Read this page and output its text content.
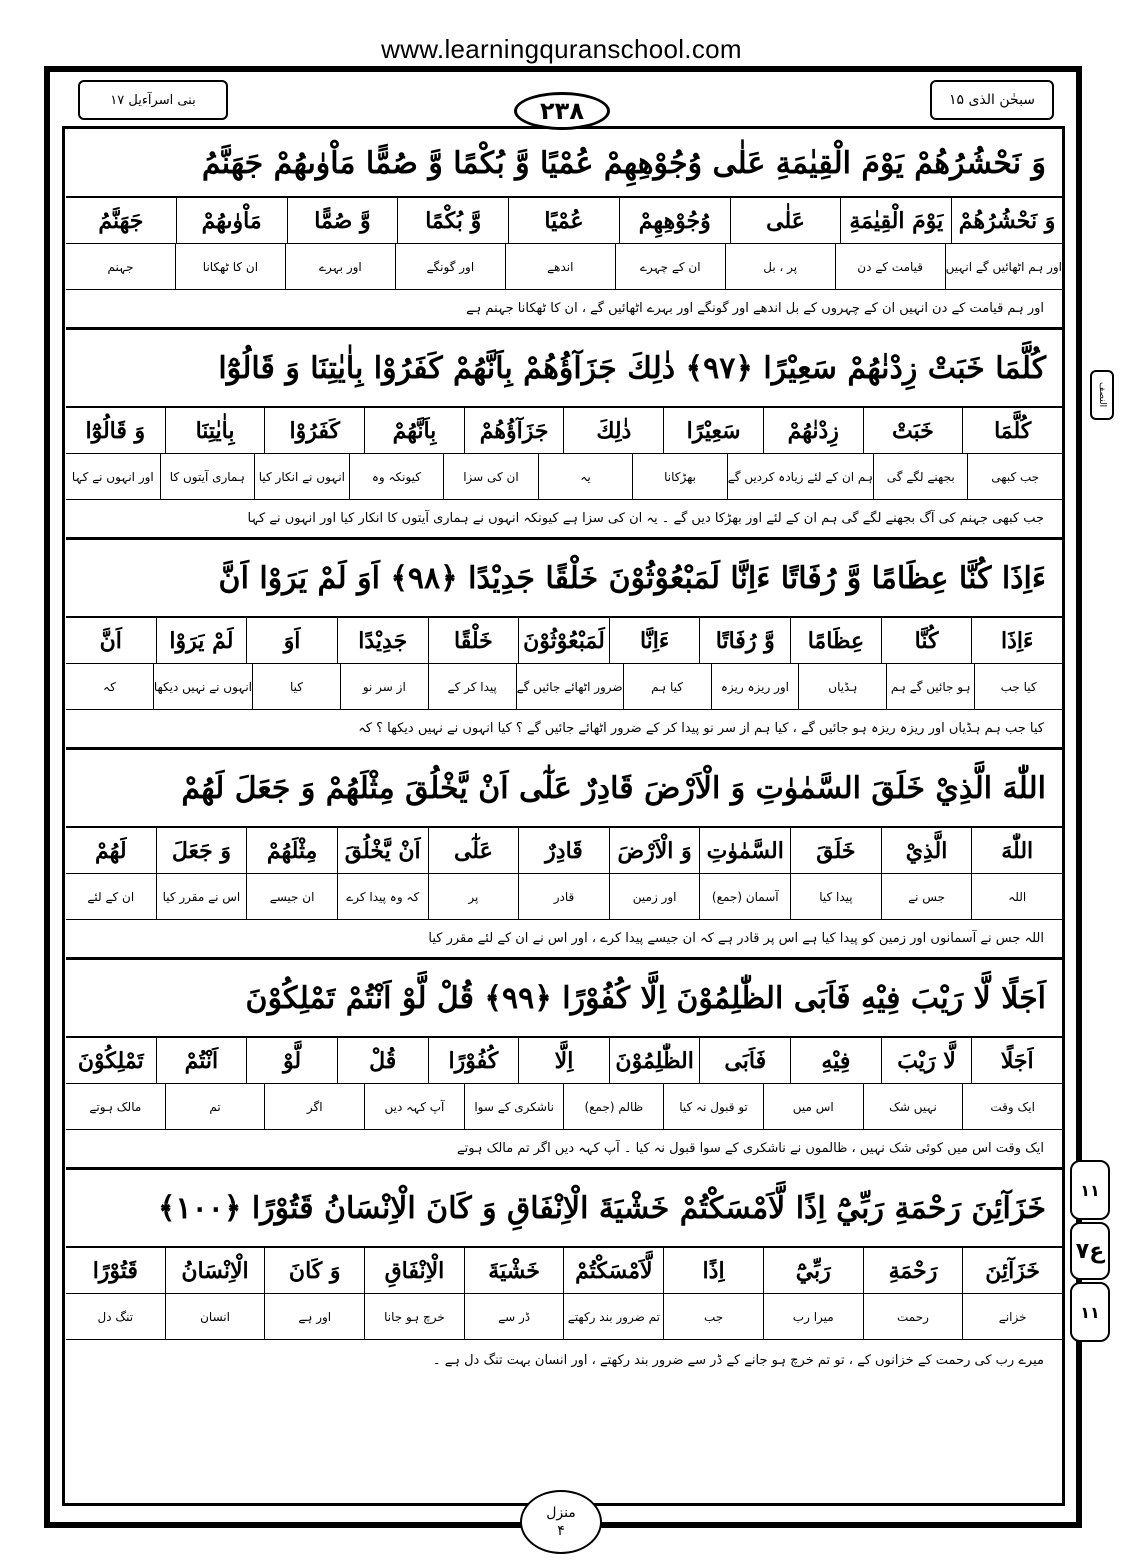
www.learningquranschool.com
بنی اسرآءیل ۱۷	سبحٰن الذی ۱۵
۲۳۸
النصف
۱۱
ع۷
۱۱
وَ نَحْشُرُهُمْ يَوْمَ الْقِيٰمَةِ عَلٰى وُجُوْهِهِمْ عُمْيًا وَّ بُكْمًا وَّ صُمًّا مَاْوٰىهُمْ جَهَنَّمُ
وَ نَحْشُرُهُمْ
يَوْمَ الْقِيٰمَةِ
عَلٰى
وُجُوْهِهِمْ
عُمْيًا
وَّ بُكْمًا
وَّ صُمًّا
مَاْوٰىهُمْ
جَهَنَّمُ
اور ہم اٹھائیں گے انہیں
قیامت کے دن
پر ، بل
ان کے چہرے
اندھے
اور گونگے
اور بہرے
ان کا ٹھکانا
جہنم
اور ہم قیامت کے دن انہیں ان کے چہروں کے بل اندھے اور گونگے اور بہرے اٹھائیں گے ، ان کا ٹھکانا جہنم ہے
كُلَّمَا خَبَتْ زِدْنٰهُمْ سَعِيْرًا ﴿۹۷﴾ ذٰلِكَ جَزَآؤُهُمْ بِاَنَّهُمْ كَفَرُوْا بِاٰيٰتِنَا وَ قَالُوْٓا
كُلَّمَا
خَبَتْ
زِدْنٰهُمْ
سَعِيْرًا
ذٰلِكَ
جَزَآؤُهُمْ
بِاَنَّهُمْ
كَفَرُوْا
بِاٰيٰتِنَا
وَ قَالُوْٓا
جب کبھی
بجھنے لگے گی
ہم ان کے لئے زیادہ کردیں گے
بھڑکانا
یہ
ان کی سزا
کیونکہ وہ
انہوں نے انکار کیا
ہماری آیتوں کا
اور انہوں نے کہا
جب کبھی جہنم کی آگ بجھنے لگے گی ہم ان کے لئے اور بھڑکا دیں گے ۔ یہ ان کی سزا ہے کیونکہ انہوں نے ہماری آیتوں کا انکار کیا اور انہوں نے کہا
ءَاِذَا كُنَّا عِظَامًا وَّ رُفَاتًا ءَاِنَّا لَمَبْعُوْثُوْنَ خَلْقًا جَدِيْدًا ﴿۹۸﴾ اَوَ لَمْ يَرَوْا اَنَّ
ءَاِذَا
كُنَّا
عِظَامًا
وَّ رُفَاتًا
ءَاِنَّا
لَمَبْعُوْثُوْنَ
خَلْقًا
جَدِيْدًا
اَوَ
لَمْ يَرَوْا
اَنَّ
کیا جب
ہو جائیں گے ہم
ہڈیاں
اور ریزہ ریزہ
کیا ہم
ضرور اٹھائے جائیں گے
پیدا کر کے
از سر نو
کیا
انہوں نے نہیں دیکھا
کہ
کیا جب ہم ہڈیاں اور ریزہ ریزہ ہو جائیں گے ، کیا ہم از سر نو پیدا کر کے ضرور اٹھائے جائیں گے ؟ کیا انہوں نے نہیں دیکھا ؟ کہ
اللّٰهَ الَّذِيْ خَلَقَ السَّمٰوٰتِ وَ الْاَرْضَ قَادِرٌ عَلٰٓى اَنْ يَّخْلُقَ مِثْلَهُمْ وَ جَعَلَ لَهُمْ
اللّٰهَ
الَّذِيْ
خَلَقَ
السَّمٰوٰتِ
وَ الْاَرْضَ
قَادِرٌ
عَلٰٓى
اَنْ يَّخْلُقَ
مِثْلَهُمْ
وَ جَعَلَ
لَهُمْ
اللہ
جس نے
پیدا کیا
آسمان (جمع)
اور زمین
قادر
پر
کہ وہ پیدا کرے
ان جیسے
اس نے مقرر کیا
ان کے لئے
اللہ جس نے آسمانوں اور زمین کو پیدا کیا ہے اس پر قادر ہے کہ ان جیسے پیدا کرے ، اور اس نے ان کے لئے مقرر کیا
اَجَلًا لَّا رَيْبَ فِيْهِ فَاَبَى الظّٰلِمُوْنَ اِلَّا كُفُوْرًا ﴿۹۹﴾ قُلْ لَّوْ اَنْتُمْ تَمْلِكُوْنَ
اَجَلًا
لَّا رَيْبَ
فِيْهِ
فَاَبَى
الظّٰلِمُوْنَ
اِلَّا
كُفُوْرًا
قُلْ
لَّوْ
اَنْتُمْ
تَمْلِكُوْنَ
ایک وقت
نہیں شک
اس میں
تو قبول نہ کیا
ظالم (جمع)
ناشکری کے سوا
آپ کہہ دیں
اگر
تم
مالک ہوتے
ایک وقت اس میں کوئی شک نہیں ، ظالموں نے ناشکری کے سوا قبول نہ کیا ۔ آپ کہہ دیں اگر تم مالک ہوتے
خَزَآئِنَ رَحْمَةِ رَبِّيْٓ اِذًا لَّاَمْسَكْتُمْ خَشْيَةَ الْاِنْفَاقِ وَ كَانَ الْاِنْسَانُ قَتُوْرًا ﴿۱۰۰﴾
خَزَآئِنَ
رَحْمَةِ
رَبِّيْٓ
اِذًا
لَّاَمْسَكْتُمْ
خَشْيَةَ
الْاِنْفَاقِ
وَ كَانَ
الْاِنْسَانُ
قَتُوْرًا
خزانے
رحمت
میرا رب
جب
تم ضرور بند رکھتے
ڈر سے
خرچ ہو جانا
اور ہے
انسان
تنگ دل
میرے رب کی رحمت کے خزانوں کے ، تو تم خرچ ہو جانے کے ڈر سے ضرور بند رکھتے ، اور انسان بہت تنگ دل ہے ۔
منزل
۴
